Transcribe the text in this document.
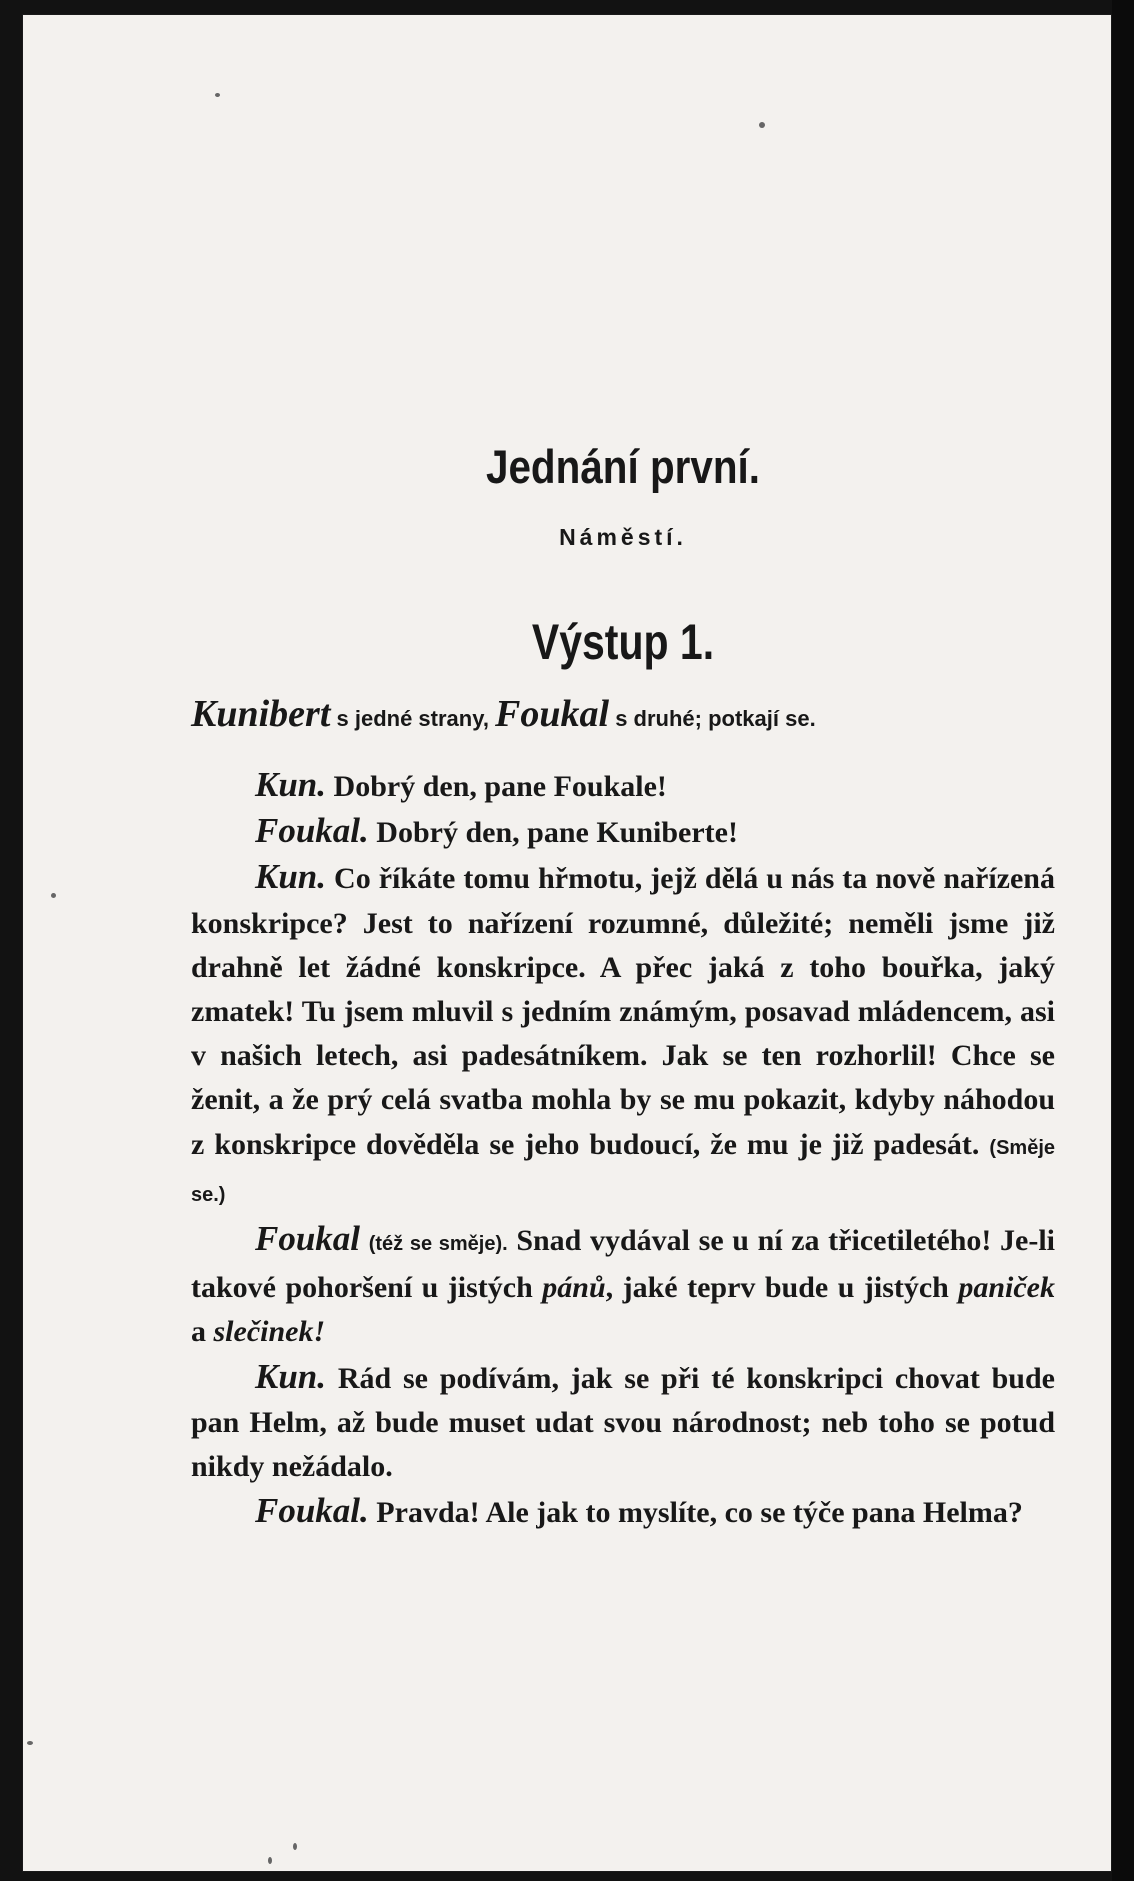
Jednání první.
Náměstí.
Výstup 1.
Kunibert s jedné strany, Foukal s druhé; potkají se.

Kun. Dobrý den, pane Foukale!

Foukal. Dobrý den, pane Kuniberte!

Kun. Co říkáte tomu hřmotu, jejž dělá u nás ta nově nařízená konskripce? Jest to nařízení rozumné, důležité; neměli jsme již drahně let žádné konskripce. A přec jaká z toho bouřka, jaký zmatek! Tu jsem mluvil s jedním známým, posavad mládencem, asi v našich letech, asi padesátníkem. Jak se ten rozhorlil! Chce se ženit, a že prý celá svatba mohla by se mu pokazit, kdyby náhodou z konskripce dověděla se jeho budoucí, že mu je již padesát. (Směje se.)

Foukal (též se směje). Snad vydával se u ní za třicetiletého! Je-li takové pohoršení u jistých pánů, jaké teprv bude u jistých paniček a slečinek!

Kun. Rád se podívám, jak se při té konskripci chovat bude pan Helm, až bude muset udat svou národnost; neb toho se potud nikdy nežádalo.

Foukal. Pravda! Ale jak to myslíte, co se týče pana Helma?
